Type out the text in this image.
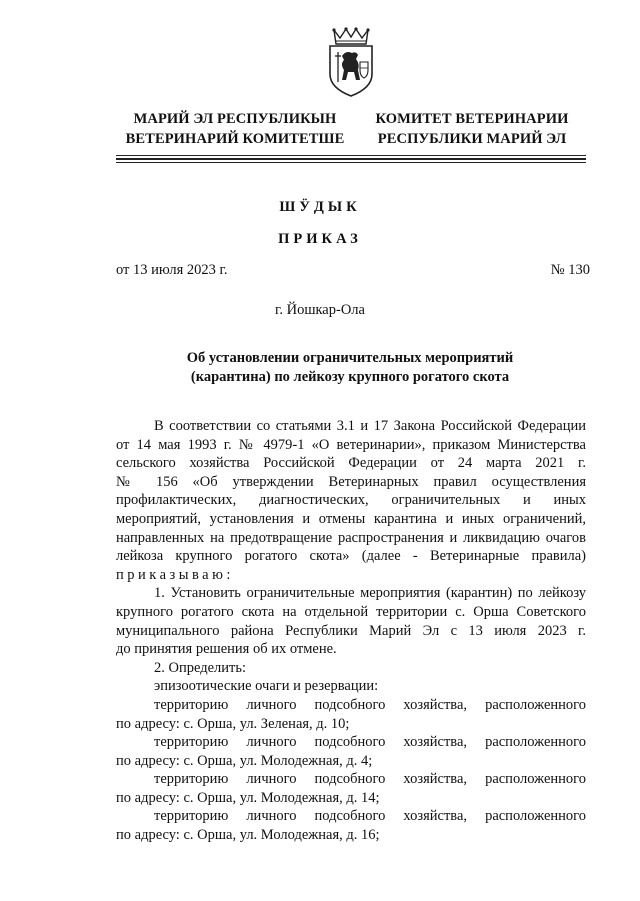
МАРИЙ ЭЛ РЕСПУБЛИКЫН
ВЕТЕРИНАРИЙ КОМИТЕТШЕ
КОМИТЕТ ВЕТЕРИНАРИИ
РЕСПУБЛИКИ МАРИЙ ЭЛ
ШӰДЫК
ПРИКАЗ
от 13 июля 2023 г.	№ 130
г. Йошкар-Ола
Об установлении ограничительных мероприятий
(карантина) по лейкозу крупного рогатого скота

В соответствии со статьями 3.1 и 17 Закона Российской Федерации

от 14 мая 1993 г. № 4979-1 «О ветеринарии», приказом Министерства

сельского хозяйства Российской Федерации от 24 марта 2021 г.

№ 156 «Об утверждении Ветеринарных правил осуществления

профилактических, диагностических, ограничительных и иных

мероприятий, установления и отмены карантина и иных ограничений,

направленных на предотвращение распространения и ликвидацию очагов

лейкоза крупного рогатого скота» (далее - Ветеринарные правила)

приказываю:

1. Установить ограничительные мероприятия (карантин) по лейкозу

крупного рогатого скота на отдельной территории с. Орша Советского

муниципального района Республики Марий Эл с 13 июля 2023 г.

до принятия решения об их отмене.

2. Определить:

эпизоотические очаги и резервации:

территорию личного подсобного хозяйства, расположенного

по адресу: с. Орша, ул. Зеленая, д. 10;

территорию личного подсобного хозяйства, расположенного

по адресу: с. Орша, ул. Молодежная, д. 4;

территорию личного подсобного хозяйства, расположенного

по адресу: с. Орша, ул. Молодежная, д. 14;

территорию личного подсобного хозяйства, расположенного

по адресу: с. Орша, ул. Молодежная, д. 16;
